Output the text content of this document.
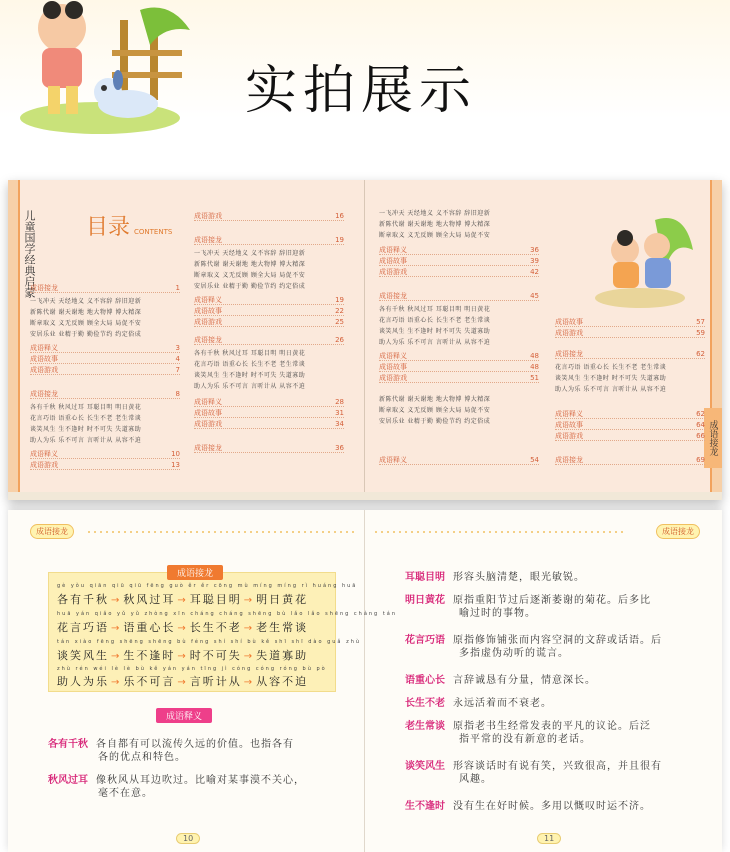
实拍展示
儿童国学经典启蒙 目录 CONTENTS
成语接龙	1
一飞冲天 天经地义 义不容辞 辞旧迎新
新陈代谢 谢天谢地 地大物博 博大精深
断章取义 义无反顾 顾全大局 局促不安
安居乐业 业精于勤 勤俭节约 约定俗成
成语释义	3
成语故事	4
成语游戏	7
成语接龙	8
各有千秋 秋风过耳 耳聪目明 明日黄花
花言巧语 语重心长 长生不老 老生常谈
谈笑风生 生不逢时 时不可失 失道寡助
助人为乐 乐不可言 言听计从 从容不迫
成语释义	10
成语游戏	13
成语游戏	16
成语接龙	19
一飞冲天 天经地义 义不容辞 辞旧迎新
新陈代谢 谢天谢地 地大物博 博大精深
断章取义 义无反顾 顾全大局 局促不安
安居乐业 业精于勤 勤俭节约 约定俗成
成语释义	19
成语故事	22
成语游戏	25
成语接龙	26
各有千秋 秋风过耳 耳聪目明 明日黄花
花言巧语 语重心长 长生不老 老生常谈
谈笑风生 生不逢时 时不可失 失道寡助
助人为乐 乐不可言 言听计从 从容不迫
成语释义	28
成语故事	31
成语游戏	34
成语接龙	36	成语接龙
一飞冲天 天经地义 义不容辞 辞旧迎新
新陈代谢 谢天谢地 地大物博 博大精深
断章取义 义无反顾 顾全大局 局促不安
成语释义	36
成语故事	39
成语游戏	42
成语接龙	45
各有千秋 秋风过耳 耳聪目明 明日黄花
花言巧语 语重心长 长生不老 老生常谈
谈笑风生 生不逢时 时不可失 失道寡助
助人为乐 乐不可言 言听计从 从容不迫
成语释义	48
成语故事	48
成语游戏	51
新陈代谢 谢天谢地 地大物博 博大精深
断章取义 义无反顾 顾全大局 局促不安
安居乐业 业精于勤 勤俭节约 约定俗成
成语释义	54
成语故事	57
成语游戏	59
成语接龙	62
花言巧语 语重心长 长生不老 老生常谈
谈笑风生 生不逢时 时不可失 失道寡助
助人为乐 乐不可言 言听计从 从容不迫
成语释义	62
成语故事	64
成语游戏	66
成语接龙	69
成语接龙
成语接龙
gè yǒu qiān qiū qiū fēng guò ěr ěr cōng mù míng míng rì huáng huā
各有千秋 → 秋风过耳 → 耳聪目明 → 明日黄花
huā yán qiǎo yǔ yǔ zhòng xīn cháng cháng shēng bù lǎo lǎo shēng cháng tán
花言巧语 → 语重心长 → 长生不老 → 老生常谈
tán xiào fēng shēng shēng bù féng shí shí bù kě shī shī dào guǎ zhù
谈笑风生 → 生不逢时 → 时不可失 → 失道寡助
zhù rén wéi lè lè bù kě yán yán tīng jì cóng cóng róng bù pò
助人为乐 → 乐不可言 → 言听计从 → 从容不迫
成语释义
各有千秋 各自都有可以流传久远的价值。也指各有
各的优点和特色。
秋风过耳 像秋风从耳边吹过。比喻对某事漠不关心，
毫不在意。
10
成语接龙
耳聪目明 形容头脑清楚，眼光敏锐。
明日黄花 原指重阳节过后逐渐萎谢的菊花。后多比
喻过时的事物。
花言巧语 原指修饰铺张而内容空洞的文辞或话语。后
多指虚伪动听的谎言。
语重心长 言辞诚恳有分量，情意深长。
长生不老 永远活着而不衰老。
老生常谈 原指老书生经常发表的平凡的议论。后泛
指平常的没有新意的老话。
谈笑风生 形容谈话时有说有笑，兴致很高，并且很有
风趣。
生不逢时 没有生在好时候。多用以慨叹时运不济。
11
